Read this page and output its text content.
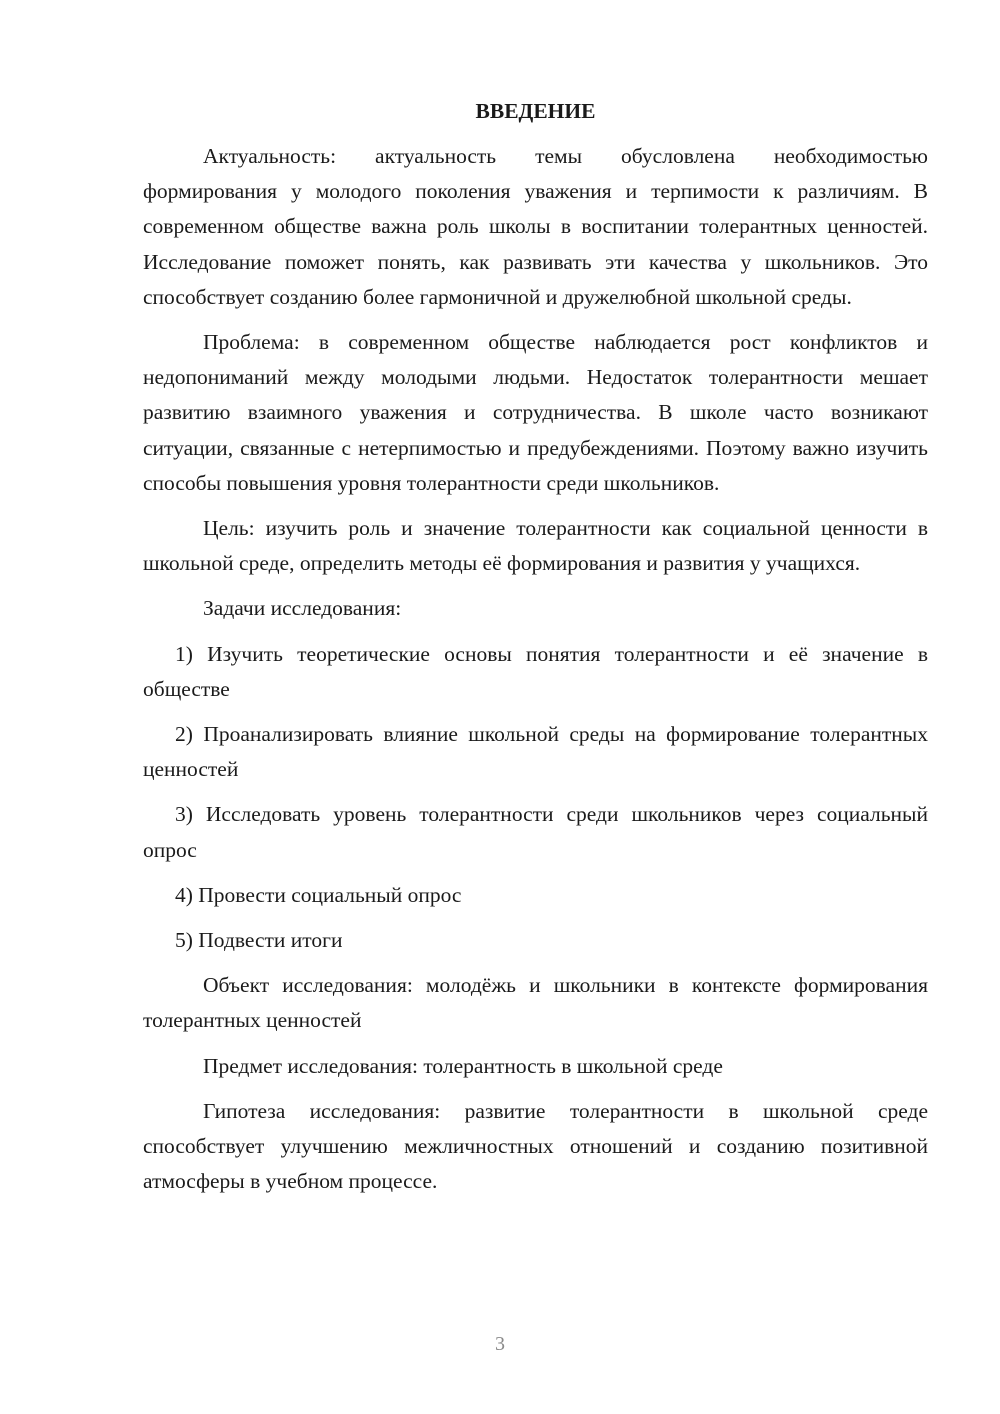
ВВЕДЕНИЕ

Актуальность: актуальность темы обусловлена необходимостью формирования у молодого поколения уважения и терпимости к различиям. В современном обществе важна роль школы в воспитании толерантных ценностей. Исследование поможет понять, как развивать эти качества у школьников. Это способствует созданию более гармоничной и дружелюбной школьной среды.

Проблема: в современном обществе наблюдается рост конфликтов и недопониманий между молодыми людьми. Недостаток толерантности мешает развитию взаимного уважения и сотрудничества. В школе часто возникают ситуации, связанные с нетерпимостью и предубеждениями. Поэтому важно изучить способы повышения уровня толерантности среди школьников.

Цель: изучить роль и значение толерантности как социальной ценности в школьной среде, определить методы её формирования и развития у учащихся.

Задачи исследования:

1) Изучить теоретические основы понятия толерантности и её значение в обществе

2) Проанализировать влияние школьной среды на формирование толерантных ценностей

3) Исследовать уровень толерантности среди школьников через социальный опрос

4) Провести социальный опрос

5) Подвести итоги

Объект исследования: молодёжь и школьники в контексте формирования толерантных ценностей

Предмет исследования: толерантность в школьной среде

Гипотеза исследования: развитие толерантности в школьной среде способствует улучшению межличностных отношений и созданию позитивной атмосферы в учебном процессе.

3
